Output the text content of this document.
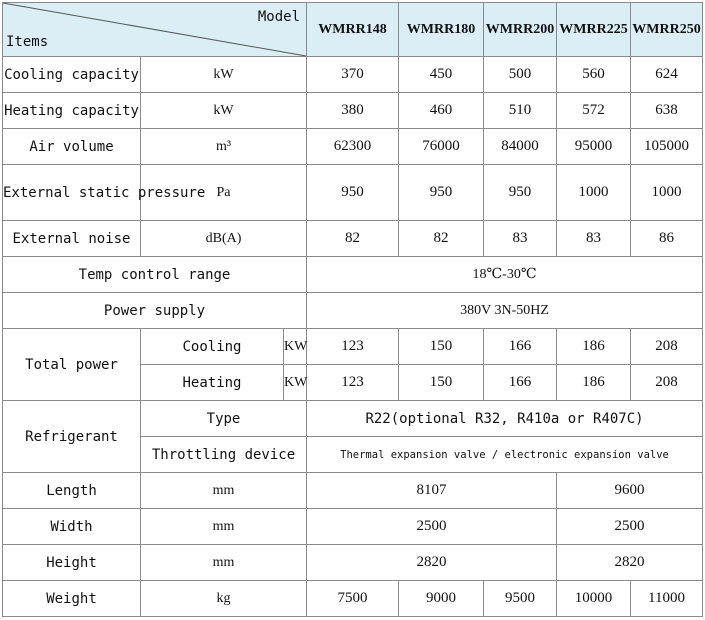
Model
Items			WMRR148	WMRR180	WMRR200	WMRR225	WMRR250
Cooling capacity	kW		370	450	500	560	624
Heating capacity	kW		380	460	510	572	638
Air volume	m³		62300	76000	84000	95000	105000
External static pressure	Pa		950	950	950	1000	1000
External noise	dB(A)		82	82	83	83	86
Temp control range			18℃-30℃				
Power supply			380V 3N-50HZ				
Total power	Cooling	KW	123	150	166	186	208
	Heating	KW	123	150	166	186	208
Refrigerant	Type		R22(optional R32, R410a or R407C)				
	Throttling device		Thermal expansion valve / electronic expansion valve				
Length	mm		8107			9600	
Width	mm		2500			2500	
Height	mm		2820			2820	
Weight	kg		7500	9000	9500	10000	11000
